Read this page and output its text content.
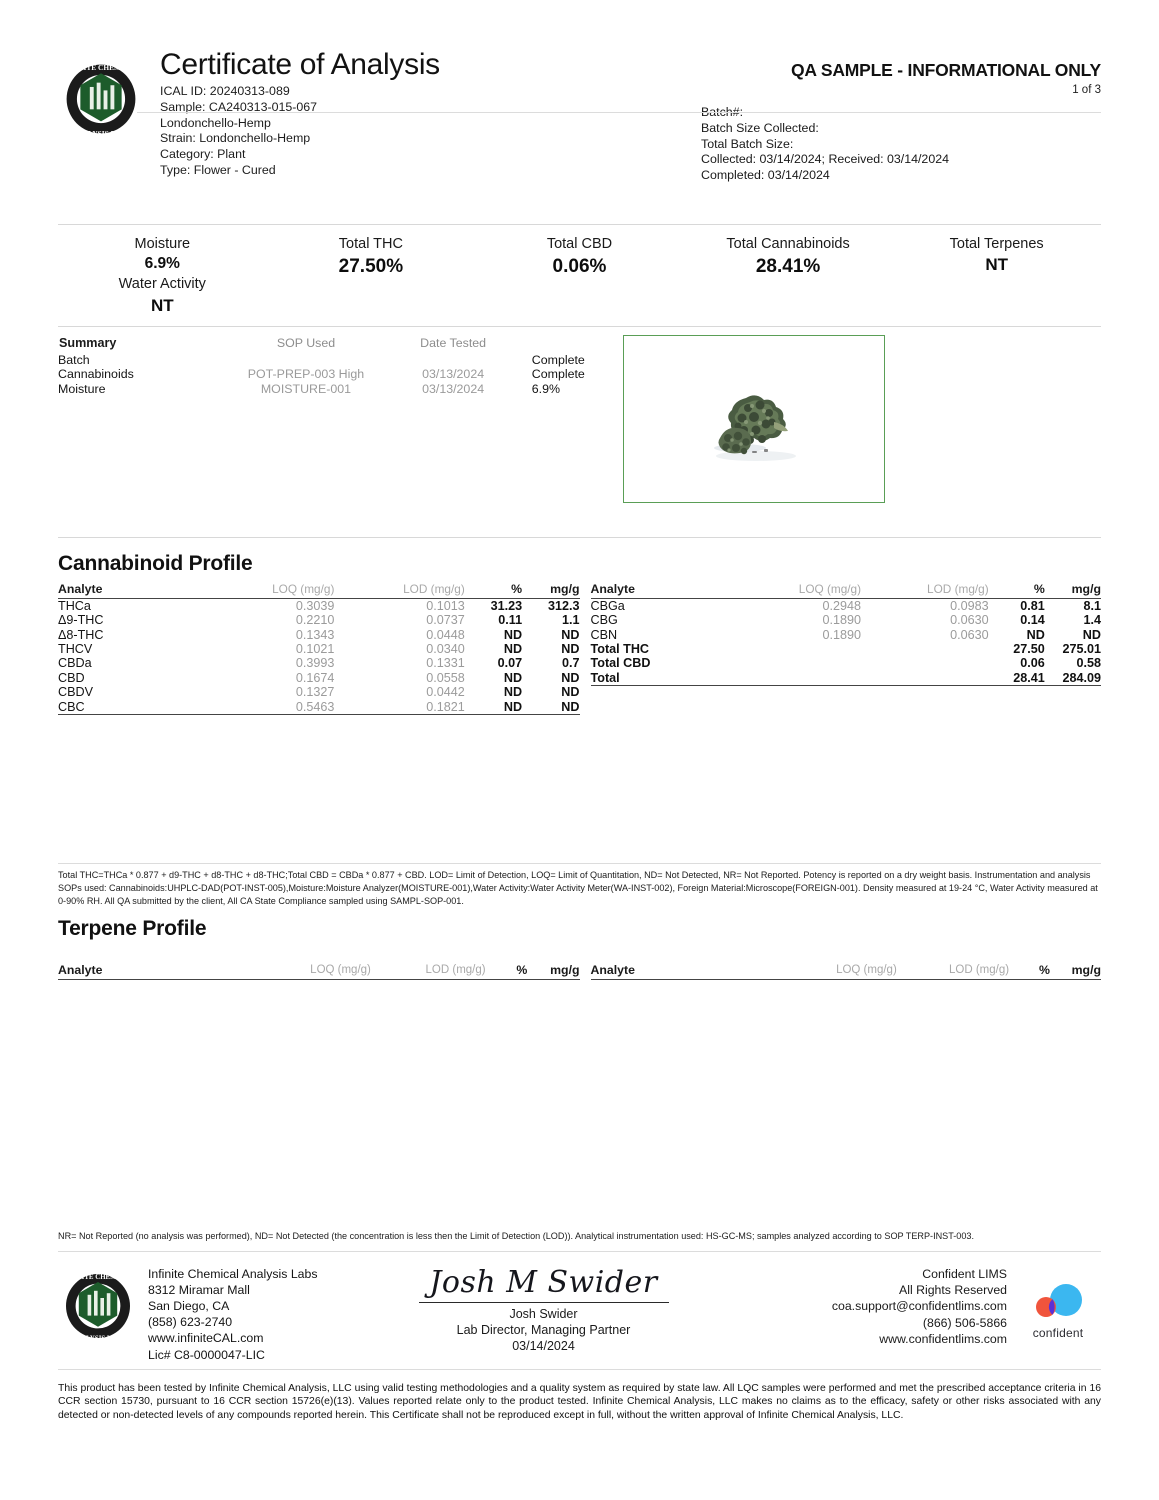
INFINITE CHEMICAL
ANALYSIS LABS
Certificate of Analysis
ICAL ID: 20240313-089
Sample: CA240313-015-067
Londonchello-Hemp
Strain: Londonchello-Hemp
Category: Plant
Type: Flower - Cured
QA SAMPLE - INFORMATIONAL ONLY
1 of 3
Batch#:
Batch Size Collected:
Total Batch Size:
Collected: 03/14/2024; Received: 03/14/2024
Completed: 03/14/2024
Moisture
6.9%
Water Activity
NT
Total THC
27.50%
Total CBD
0.06%
Total Cannabinoids
28.41%
Total Terpenes
NT
Summary	SOP Used	Date Tested	
Batch			Complete
Cannabinoids	POT-PREP-003 High	03/13/2024	Complete
Moisture	MOISTURE-001	03/13/2024	6.9%
Cannabinoid Profile
Analyte	LOQ (mg/g)	LOD (mg/g)	%	mg/g
THCa	0.3039	0.1013	31.23	312.3
Δ9-THC	0.2210	0.0737	0.11	1.1
Δ8-THC	0.1343	0.0448	ND	ND
THCV	0.1021	0.0340	ND	ND
CBDa	0.3993	0.1331	0.07	0.7
CBD	0.1674	0.0558	ND	ND
CBDV	0.1327	0.0442	ND	ND
CBC	0.5463	0.1821	ND	ND
Analyte	LOQ (mg/g)	LOD (mg/g)	%	mg/g
CBGa	0.2948	0.0983	0.81	8.1
CBG	0.1890	0.0630	0.14	1.4
CBN	0.1890	0.0630	ND	ND
Total THC			27.50	275.01
Total CBD			0.06	0.58
Total			28.41	284.09
Total THC=THCa * 0.877 + d9-THC + d8-THC + d8-THC;Total CBD = CBDa * 0.877 + CBD. LOD= Limit of Detection, LOQ= Limit of Quantitation, ND= Not Detected, NR= Not Reported. Potency is reported on a dry weight basis. Instrumentation and analysis SOPs used: Cannabinoids:UHPLC-DAD(POT-INST-005),Moisture:Moisture Analyzer(MOISTURE-001),Water Activity:Water Activity Meter(WA-INST-002), Foreign Material:Microscope(FOREIGN-001). Density measured at 19-24 °C, Water Activity measured at 0-90% RH. All QA submitted by the client, All CA State Compliance sampled using SAMPL-SOP-001.
Terpene Profile
Analyte	LOQ (mg/g)	LOD (mg/g)	%	mg/g Analyte	LOQ (mg/g)	LOD (mg/g)	%	mg/g
NR= Not Reported (no analysis was performed), ND= Not Detected (the concentration is less then the Limit of Detection (LOD)). Analytical instrumentation used: HS-GC-MS; samples analyzed according to SOP TERP-INST-003.
INFINITE CHEMICAL
ANALYSIS LABS
Infinite Chemical Analysis Labs
8312 Miramar Mall
San Diego, CA
(858) 623-2740
www.infiniteCAL.com
Lic# C8-0000047-LIC
Josh M Swider
Josh Swider
Lab Director, Managing Partner
03/14/2024
Confident LIMS
All Rights Reserved
coa.support@confidentlims.com
(866) 506-5866
www.confidentlims.com	confident
This product has been tested by Infinite Chemical Analysis, LLC using valid testing methodologies and a quality system as required by state law. All LQC samples were performed and met the prescribed acceptance criteria in 16 CCR section 15730, pursuant to 16 CCR section 15726(e)(13). Values reported relate only to the product tested. Infinite Chemical Analysis, LLC makes no claims as to the efficacy, safety or other risks associated with any detected or non-detected levels of any compounds reported herein. This Certificate shall not be reproduced except in full, without the written approval of Infinite Chemical Analysis, LLC.
